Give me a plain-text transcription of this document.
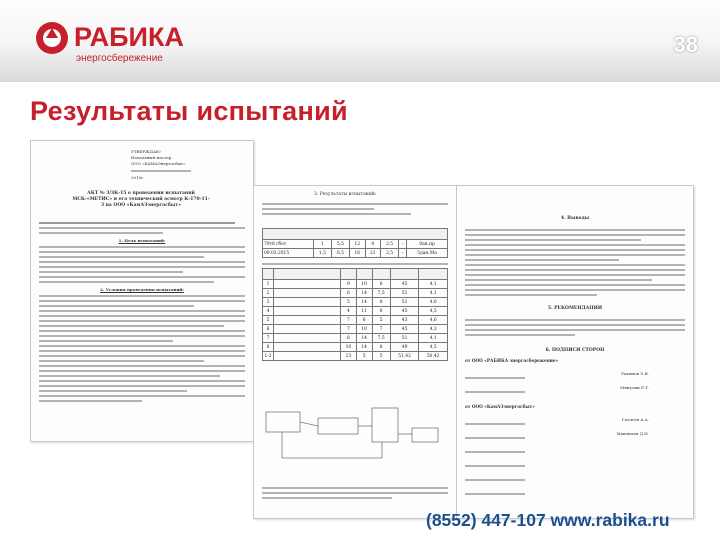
РАБИКА
энергосбережение
38
Результаты испытаний
УТВЕРЖДАЮ
Начальный мастер
ООО «КАМАЭнергосбыт»
2015г.
АКТ № 3/3К-15 о проведении испытаний МСК-«МЕТИС» и его технический осмотр К-170-11-3 на ООО «КамАЗэнергосбыт»
1. Цель испытаний:
2. Условия проведения испытаний:
3. Результаты испытаний:

79т8 гбот	1	5,5	12	4	2,5	-	0ан.пр
09.02.2015	1,5	6,5	16	21	2,5	-	5дан.Ма

1		9	10	6	45	4,1
2		6	14	7,5	51	4,1
3		5	14	8	51	4,6
4		4	11	8	45	4,5
5		7	6	5	43	4,6
6		7	10	7	45	4,3
7		8	14	7,5	51	4,1
8		10	14	8	49	4,5
1-2		13	5	5	51,42	50,42
4. Выводы
5. РЕКОМЕНДАЦИИ
6. ПОДПИСИ СТОРОН
от ООО «РАБИКА энергосбережение»
Рахимов Э.Я.
Минулин Р.Т.
от ООО «КамАЗэнергосбыт»
Галлеев А.А.
Мавлюков Д.И.
(8552) 447-107 www.rabika.ru
